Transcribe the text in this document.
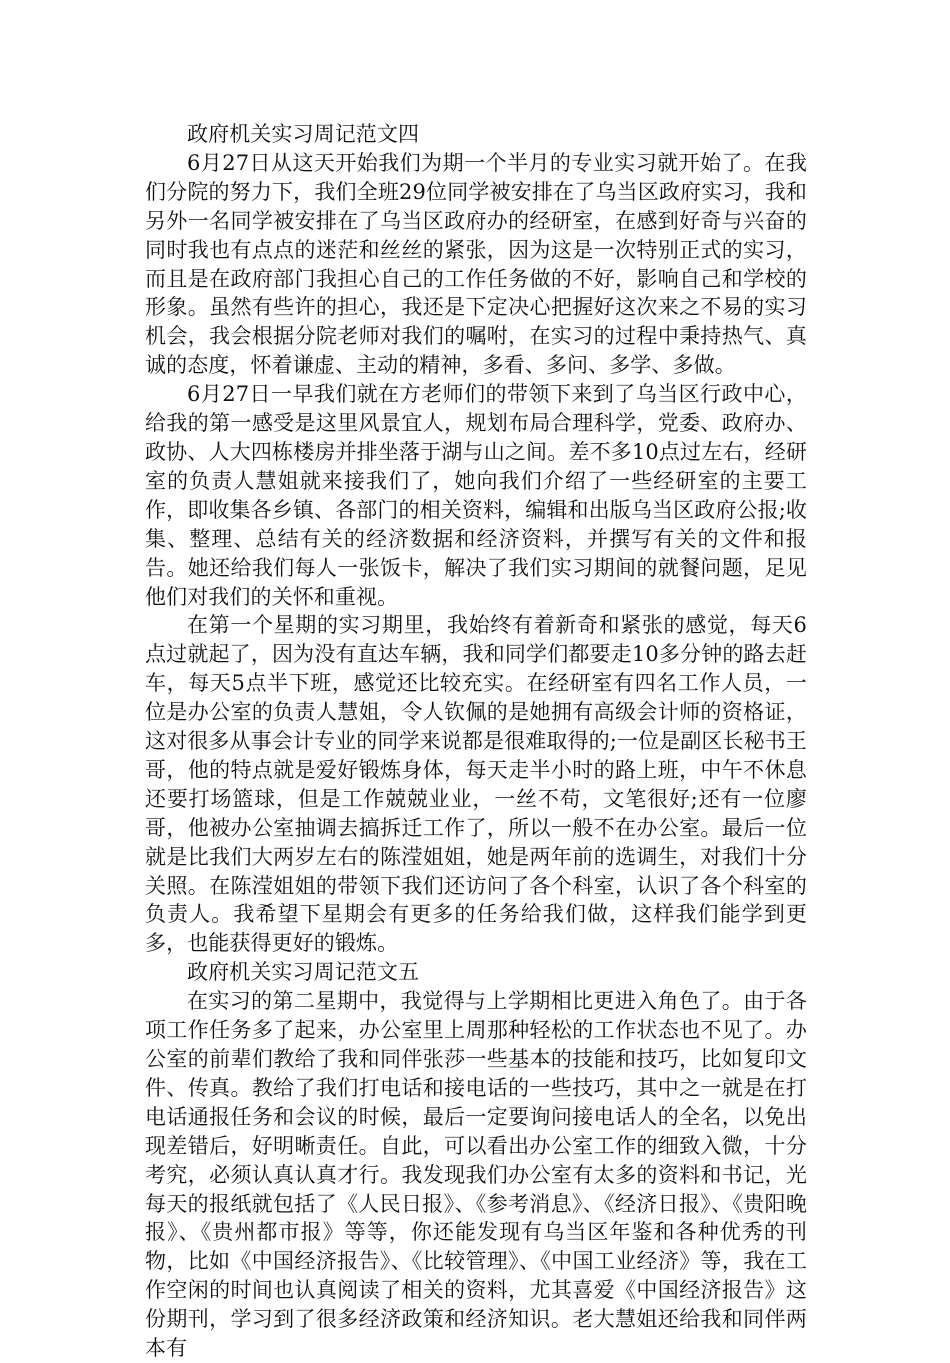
政府机关实习周记范文四

6月27日从这天开始我们为期一个半月的专业实习就开始了。在我们分院的努力下，我们全班29位同学被安排在了乌当区政府实习，我和另外一名同学被安排在了乌当区政府办的经研室，在感到好奇与兴奋的同时我也有点点的迷茫和丝丝的紧张，因为这是一次特别正式的实习，而且是在政府部门我担心自己的工作任务做的不好，影响自己和学校的形象。虽然有些许的担心，我还是下定决心把握好这次来之不易的实习机会，我会根据分院老师对我们的嘱咐，在实习的过程中秉持热气、真诚的态度，怀着谦虚、主动的精神，多看、多问、多学、多做。

6月27日一早我们就在方老师们的带领下来到了乌当区行政中心，给我的第一感受是这里风景宜人，规划布局合理科学，党委、政府办、政协、人大四栋楼房并排坐落于湖与山之间。差不多10点过左右，经研室的负责人慧姐就来接我们了，她向我们介绍了一些经研室的主要工作，即收集各乡镇、各部门的相关资料，编辑和出版乌当区政府公报;收集、整理、总结有关的经济数据和经济资料，并撰写有关的文件和报告。她还给我们每人一张饭卡，解决了我们实习期间的就餐问题，足见他们对我们的关怀和重视。

在第一个星期的实习期里，我始终有着新奇和紧张的感觉，每天6点过就起了，因为没有直达车辆，我和同学们都要走10多分钟的路去赶车，每天5点半下班，感觉还比较充实。在经研室有四名工作人员，一位是办公室的负责人慧姐，令人钦佩的是她拥有高级会计师的资格证，这对很多从事会计专业的同学来说都是很难取得的;一位是副区长秘书王哥，他的特点就是爱好锻炼身体，每天走半小时的路上班，中午不休息还要打场篮球，但是工作兢兢业业，一丝不苟，文笔很好;还有一位廖哥，他被办公室抽调去搞拆迁工作了，所以一般不在办公室。最后一位就是比我们大两岁左右的陈滢姐姐，她是两年前的选调生，对我们十分关照。在陈滢姐姐的带领下我们还访问了各个科室，认识了各个科室的负责人。我希望下星期会有更多的任务给我们做，这样我们能学到更多，也能获得更好的锻炼。

政府机关实习周记范文五

在实习的第二星期中，我觉得与上学期相比更进入角色了。由于各项工作任务多了起来，办公室里上周那种轻松的工作状态也不见了。办公室的前辈们教给了我和同伴张莎一些基本的技能和技巧，比如复印文件、传真。教给了我们打电话和接电话的一些技巧，其中之一就是在打电话通报任务和会议的时候，最后一定要询问接电话人的全名，以免出现差错后，好明晰责任。自此，可以看出办公室工作的细致入微，十分考究，必须认真认真才行。我发现我们办公室有太多的资料和书记，光每天的报纸就包括了《人民日报》、《参考消息》、《经济日报》、《贵阳晚报》、《贵州都市报》等等，你还能发现有乌当区年鉴和各种优秀的刊物，比如《中国经济报告》、《比较管理》、《中国工业经济》等，我在工作空闲的时间也认真阅读了相关的资料，尤其喜爱《中国经济报告》这份期刊，学习到了很多经济政策和经济知识。老大慧姐还给我和同伴两本有
